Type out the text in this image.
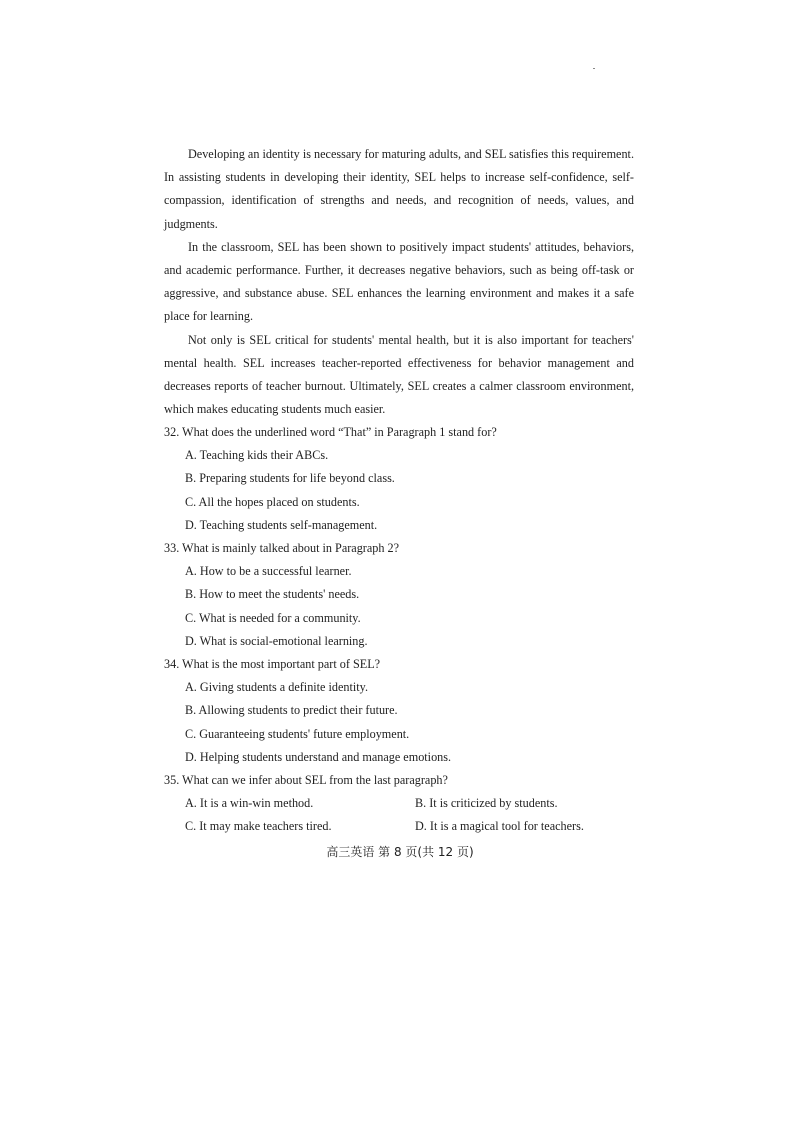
Developing an identity is necessary for maturing adults, and SEL satisfies this requirement. In assisting students in developing their identity, SEL helps to increase self-confidence, self-compassion, identification of strengths and needs, and recognition of needs, values, and judgments.

In the classroom, SEL has been shown to positively impact students' attitudes, behaviors, and academic performance. Further, it decreases negative behaviors, such as being off-task or aggressive, and substance abuse. SEL enhances the learning environment and makes it a safe place for learning.

Not only is SEL critical for students' mental health, but it is also important for teachers' mental health. SEL increases teacher-reported effectiveness for behavior management and decreases reports of teacher burnout. Ultimately, SEL creates a calmer classroom environment, which makes educating students much easier.

32. What does the underlined word “That” in Paragraph 1 stand for?

A. Teaching kids their ABCs.
B. Preparing students for life beyond class.
C. All the hopes placed on students.
D. Teaching students self-management.

33. What is mainly talked about in Paragraph 2?

A. How to be a successful learner.
B. How to meet the students' needs.
C. What is needed for a community.
D. What is social-emotional learning.

34. What is the most important part of SEL?

A. Giving students a definite identity.
B. Allowing students to predict their future.
C. Guaranteeing students' future employment.
D. Helping students understand and manage emotions.

35. What can we infer about SEL from the last paragraph?

A. It is a win-win method.	B. It is criticized by students.
C. It may make teachers tired.	D. It is a magical tool for teachers.
高三英语 第 8 页(共 12 页)
